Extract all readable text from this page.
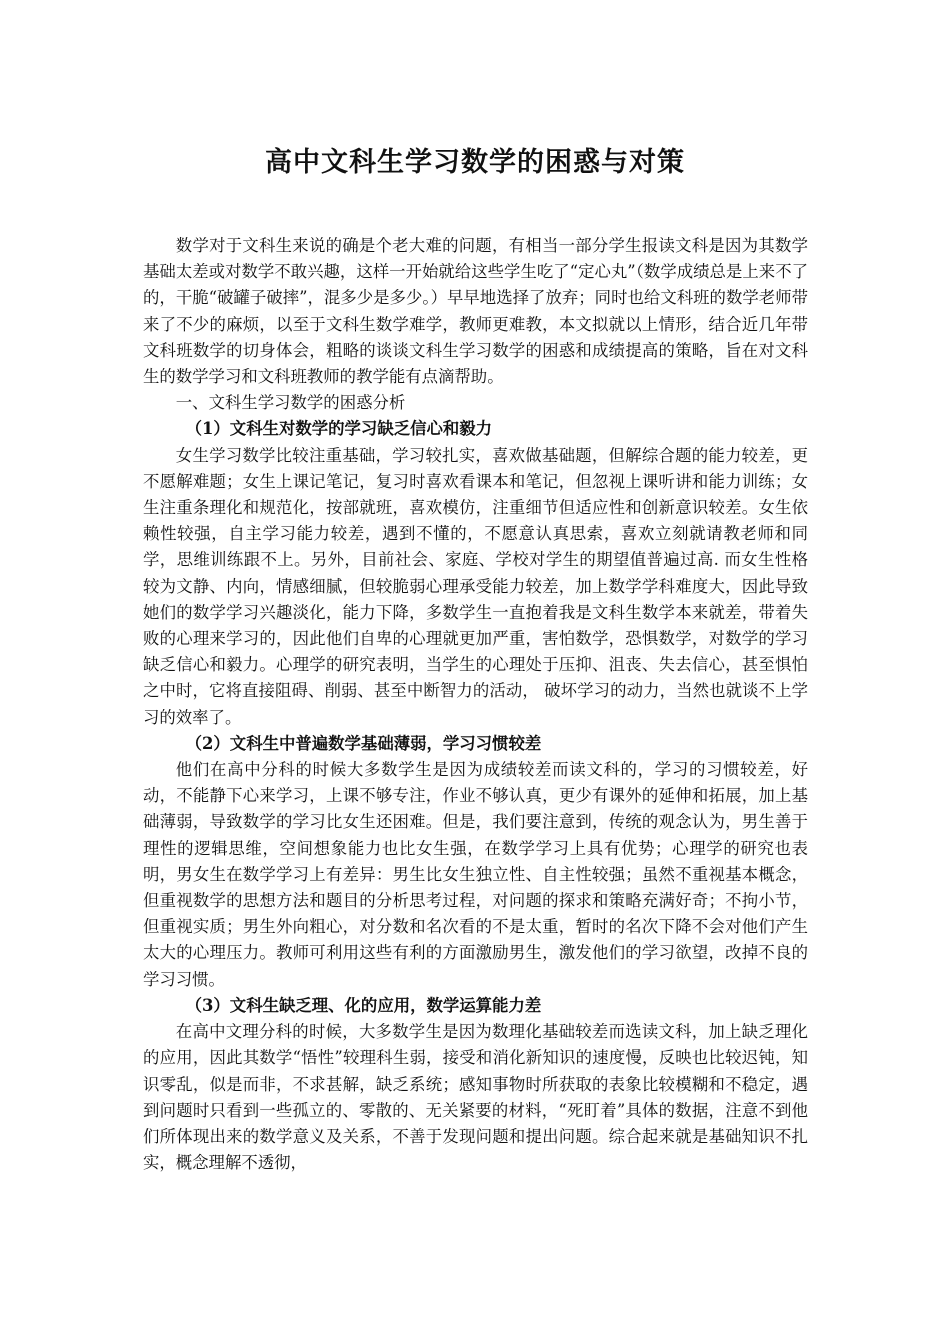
高中文科生学习数学的困惑与对策

数学对于文科生来说的确是个老大难的问题，有相当一部分学生报读文科是因为其数学基础太差或对数学不敢兴趣，这样一开始就给这些学生吃了“定心丸”（数学成绩总是上来不了的，干脆“破罐子破摔”，混多少是多少。）早早地选择了放弃；同时也给文科班的数学老师带来了不少的麻烦，以至于文科生数学难学，教师更难教，本文拟就以上情形，结合近几年带文科班数学的切身体会，粗略的谈谈文科生学习数学的困惑和成绩提高的策略，旨在对文科生的数学学习和文科班教师的教学能有点滴帮助。

一、文科生学习数学的困惑分析

（1）文科生对数学的学习缺乏信心和毅力

女生学习数学比较注重基础，学习较扎实，喜欢做基础题，但解综合题的能力较差，更不愿解难题；女生上课记笔记，复习时喜欢看课本和笔记，但忽视上课听讲和能力训练；女生注重条理化和规范化，按部就班，喜欢模仿，注重细节但适应性和创新意识较差。女生依赖性较强，自主学习能力较差，遇到不懂的，不愿意认真思索，喜欢立刻就请教老师和同学，思维训练跟不上。另外，目前社会、家庭、学校对学生的期望值普遍过高. 而女生性格较为文静、内向，情感细腻，但较脆弱心理承受能力较差，加上数学学科难度大，因此导致她们的数学学习兴趣淡化，能力下降，多数学生一直抱着我是文科生数学本来就差，带着失败的心理来学习的，因此他们自卑的心理就更加严重，害怕数学，恐惧数学，对数学的学习缺乏信心和毅力。心理学的研究表明，当学生的心理处于压抑、沮丧、失去信心，甚至惧怕之中时，它将直接阻碍、削弱、甚至中断智力的活动， 破坏学习的动力，当然也就谈不上学习的效率了。

（2）文科生中普遍数学基础薄弱，学习习惯较差

他们在高中分科的时候大多数学生是因为成绩较差而读文科的，学习的习惯较差，好动，不能静下心来学习，上课不够专注，作业不够认真，更少有课外的延伸和拓展，加上基础薄弱，导致数学的学习比女生还困难。但是，我们要注意到，传统的观念认为，男生善于理性的逻辑思维，空间想象能力也比女生强，在数学学习上具有优势；心理学的研究也表明，男女生在数学学习上有差异：男生比女生独立性、自主性较强；虽然不重视基本概念，但重视数学的思想方法和题目的分析思考过程，对问题的探求和策略充满好奇；不拘小节，但重视实质；男生外向粗心，对分数和名次看的不是太重，暂时的名次下降不会对他们产生太大的心理压力。教师可利用这些有利的方面激励男生，激发他们的学习欲望，改掉不良的学习习惯。

（3）文科生缺乏理、化的应用，数学运算能力差

在高中文理分科的时候，大多数学生是因为数理化基础较差而选读文科，加上缺乏理化的应用，因此其数学“悟性”较理科生弱，接受和消化新知识的速度慢，反映也比较迟钝，知识零乱，似是而非，不求甚解，缺乏系统；感知事物时所获取的表象比较模糊和不稳定，遇到问题时只看到一些孤立的、零散的、无关紧要的材料，“死盯着”具体的数据，注意不到他们所体现出来的数学意义及关系，不善于发现问题和提出问题。综合起来就是基础知识不扎实，概念理解不透彻，
